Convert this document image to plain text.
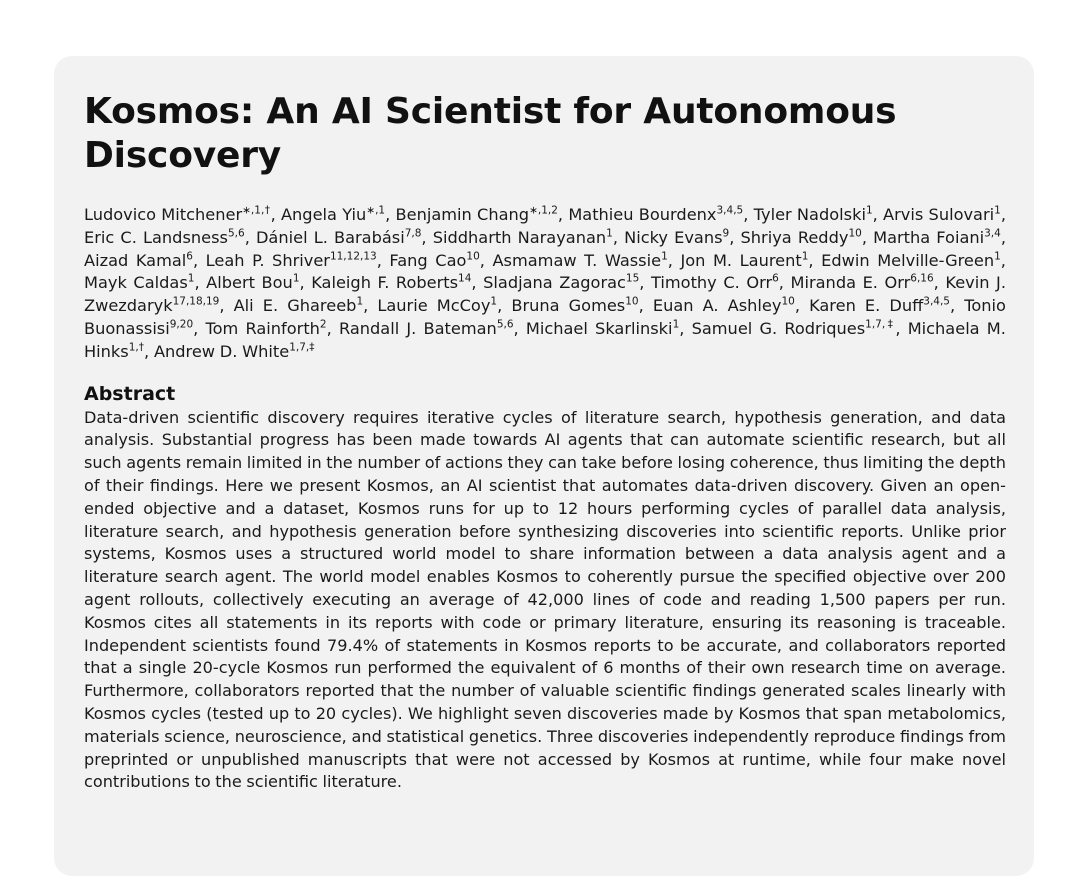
Kosmos: An AI Scientist for Autonomous Discovery
Ludovico Mitchener$^{∗,1,\dagger}$, Angela Yiu$^{∗,1}$, Benjamin Chang$^{∗,1,2}$, Mathieu Bourdenx$^{3,4,5}$, Tyler Nadolski$^1$, Arvis Sulovari$^1$, Eric C. Landsness$^{5,6}$, Dániel L. Barabási$^{7,8}$, Siddharth Narayanan$^1$, Nicky Evans$^9$, Shriya Reddy$^{10}$, Martha Foiani$^{3,4}$, Aizad Kamal$^6$, Leah P. Shriver$^{11,12,13}$, Fang Cao$^{10}$, Asmamaw T. Wassie$^1$, Jon M. Laurent$^1$, Edwin Melville-Green$^1$, Mayk Caldas$^1$, Albert Bou$^1$, Kaleigh F. Roberts$^{14}$, Sladjana Zagorac$^{15}$, Timothy C. Orr$^6$, Miranda E. Orr$^{6,16}$, Kevin J. Zwezdaryk$^{17,18,19}$, Ali E. Ghareeb$^1$, Laurie McCoy$^1$, Bruna Gomes$^{10}$, Euan A. Ashley$^{10}$, Karen E. Duff$^{3,4,5}$, Tonio Buonassisi$^{9,20}$, Tom Rainforth$^2$, Randall J. Bateman$^{5,6}$, Michael Skarlinski$^1$, Samuel G. Rodriques$^{1,7,\ddagger}$, Michaela M. Hinks$^{1,\dagger}$, Andrew D. White$^{1,7,\ddagger}$
Abstract
Data-driven scientific discovery requires iterative cycles of literature search, hypothesis generation, and data analysis. Substantial progress has been made towards AI agents that can automate scientific research, but all such agents remain limited in the number of actions they can take before losing coherence, thus limiting the depth of their findings. Here we present Kosmos, an AI scientist that automates data-driven discovery. Given an open-ended objective and a dataset, Kosmos runs for up to 12 hours performing cycles of parallel data analysis, literature search, and hypothesis generation before synthesizing discoveries into scientific reports. Unlike prior systems, Kosmos uses a structured world model to share information between a data analysis agent and a literature search agent. The world model enables Kosmos to coherently pursue the specified objective over 200 agent rollouts, collectively executing an average of 42,000 lines of code and reading 1,500 papers per run. Kosmos cites all statements in its reports with code or primary literature, ensuring its reasoning is traceable. Independent scientists found 79.4% of statements in Kosmos reports to be accurate, and collaborators reported that a single 20-cycle Kosmos run performed the equivalent of 6 months of their own research time on average. Furthermore, collaborators reported that the number of valuable scientific findings generated scales linearly with Kosmos cycles (tested up to 20 cycles). We highlight seven discoveries made by Kosmos that span metabolomics, materials science, neuroscience, and statistical genetics. Three discoveries independently reproduce findings from preprinted or unpublished manuscripts that were not accessed by Kosmos at runtime, while four make novel contributions to the scientific literature.
